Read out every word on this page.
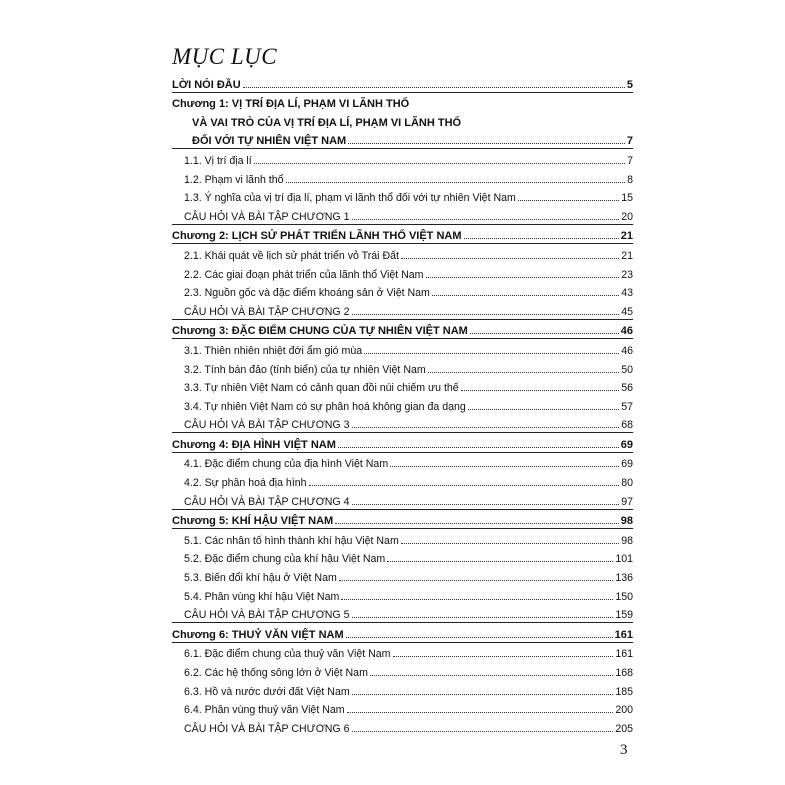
MỤC LỤC
LỜI NÓI ĐẦU	5
Chương 1: VỊ TRÍ ĐỊA LÍ, PHẠM VI LÃNH THỔ
VÀ VAI TRÒ CỦA VỊ TRÍ ĐỊA LÍ, PHẠM VI LÃNH THỔ
ĐỐI VỚI TỰ NHIÊN VIỆT NAM	7
1.1. Vị trí địa lí	7
1.2. Phạm vi lãnh thổ	8
1.3. Ý nghĩa của vị trí địa lí, phạm vi lãnh thổ đối với tự nhiên Việt Nam	15
CÂU HỎI VÀ BÀI TẬP CHƯƠNG 1	20
Chương 2: LỊCH SỬ PHÁT TRIỂN LÃNH THỔ VIỆT NAM	21
2.1. Khái quát về lịch sử phát triển vỏ Trái Đất	21
2.2. Các giai đoạn phát triển của lãnh thổ Việt Nam	23
2.3. Nguồn gốc và đặc điểm khoáng sản ở Việt Nam	43
CÂU HỎI VÀ BÀI TẬP CHƯƠNG 2	45
Chương 3: ĐẶC ĐIỂM CHUNG CỦA TỰ NHIÊN VIỆT NAM	46
3.1. Thiên nhiên nhiệt đới ẩm gió mùa	46
3.2. Tính bán đảo (tính biển) của tự nhiên Việt Nam	50
3.3. Tự nhiên Việt Nam có cảnh quan đồi núi chiếm ưu thế	56
3.4. Tự nhiên Việt Nam có sự phân hoá không gian đa dạng	57
CÂU HỎI VÀ BÀI TẬP CHƯƠNG 3	68
Chương 4: ĐỊA HÌNH VIỆT NAM	69
4.1. Đặc điểm chung của địa hình Việt Nam	69
4.2. Sự phân hoá địa hình	80
CÂU HỎI VÀ BÀI TẬP CHƯƠNG 4	97
Chương 5: KHÍ HẬU VIỆT NAM	98
5.1. Các nhân tố hình thành khí hậu Việt Nam	98
5.2. Đặc điểm chung của khí hậu Việt Nam	101
5.3. Biến đổi khí hậu ở Việt Nam	136
5.4. Phân vùng khí hậu Việt Nam	150
CÂU HỎI VÀ BÀI TẬP CHƯƠNG 5	159
Chương 6: THUỶ VĂN VIỆT NAM	161
6.1. Đặc điểm chung của thuỷ văn Việt Nam	161
6.2. Các hệ thống sông lớn ở Việt Nam	168
6.3. Hồ và nước dưới đất Việt Nam	185
6.4. Phân vùng thuỷ văn Việt Nam	200
CÂU HỎI VÀ BÀI TẬP CHƯƠNG 6	205
3
